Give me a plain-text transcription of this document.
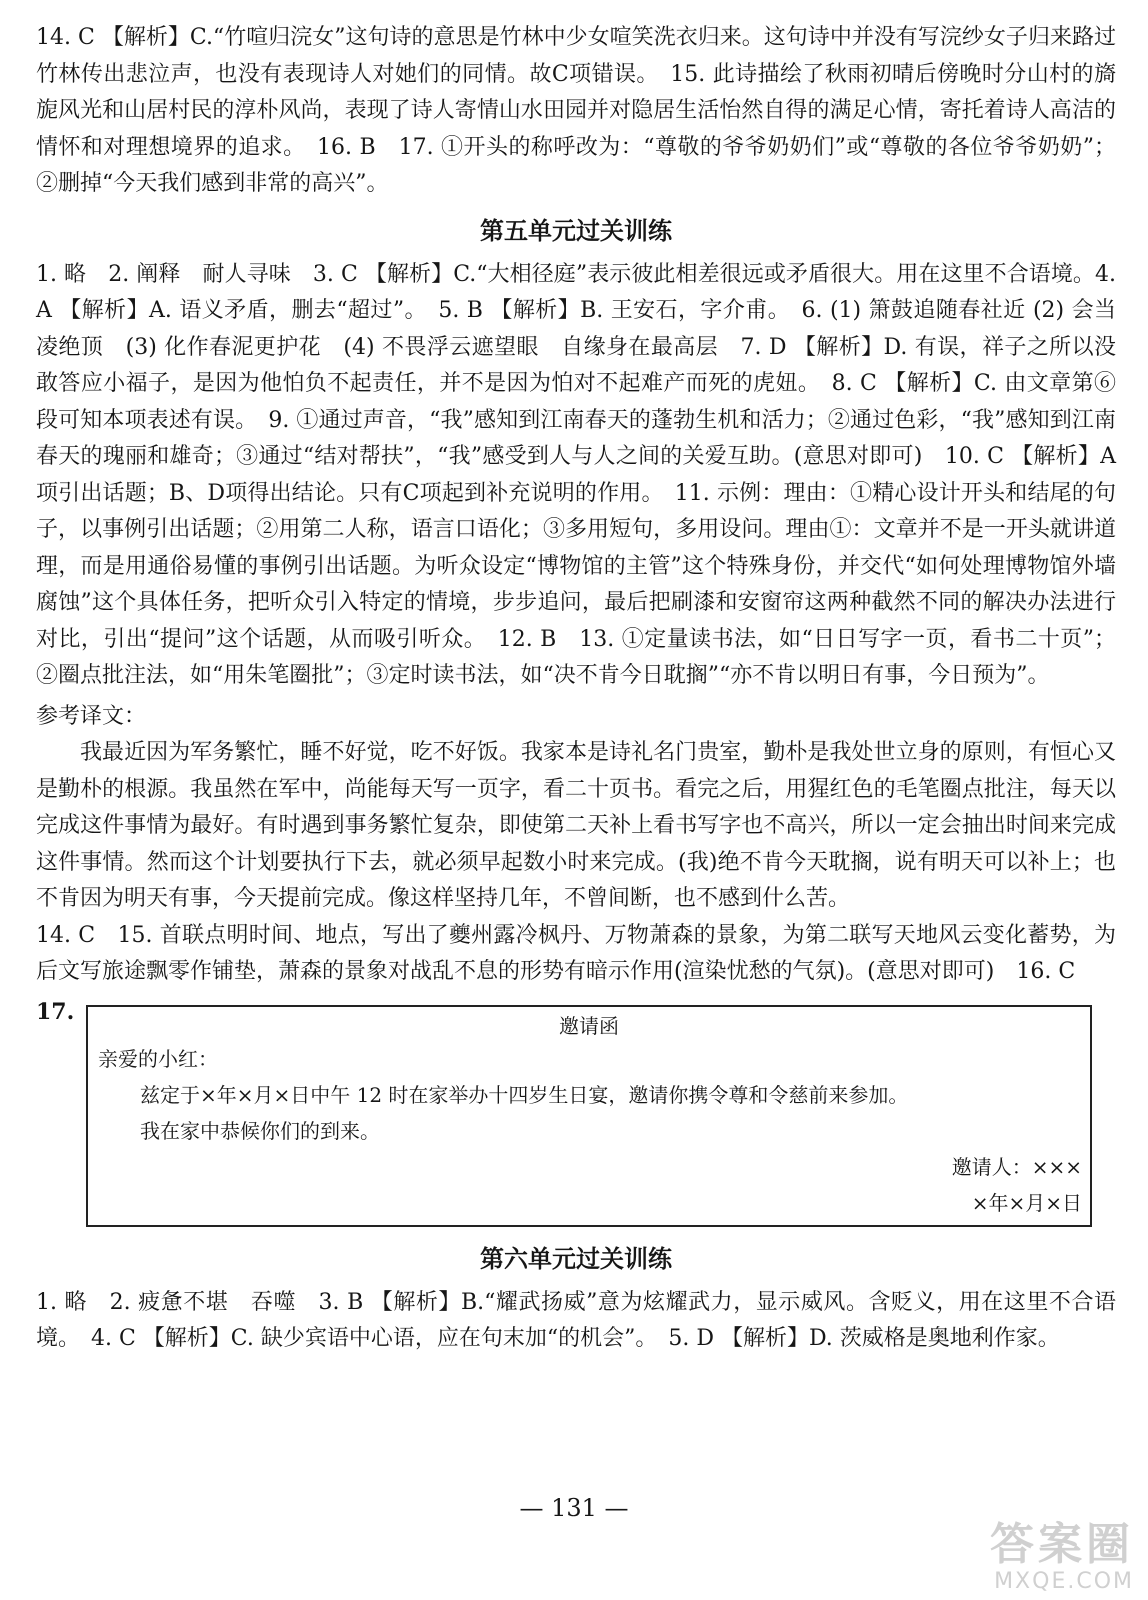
14. C 【解析】C.“竹喧归浣女”这句诗的意思是竹林中少女喧笑洗衣归来。这句诗中并没有写浣纱女子归来路过竹林传出悲泣声，也没有表现诗人对她们的同情。故C项错误。　15. 此诗描绘了秋雨初晴后傍晚时分山村的旖旎风光和山居村民的淳朴风尚，表现了诗人寄情山水田园并对隐居生活怡然自得的满足心情，寄托着诗人高洁的情怀和对理想境界的追求。　16. B　17. ①开头的称呼改为：“尊敬的爷爷奶奶们”或“尊敬的各位爷爷奶奶”；②删掉“今天我们感到非常的高兴”。

第五单元过关训练

1. 略　2. 阐释　耐人寻味　3. C 【解析】C.“大相径庭”表示彼此相差很远或矛盾很大。用在这里不合语境。4. A 【解析】A. 语义矛盾，删去“超过”。　5. B 【解析】B. 王安石，字介甫。　6. (1) 箫鼓追随春社近 (2) 会当凌绝顶　(3) 化作春泥更护花　(4) 不畏浮云遮望眼　自缘身在最高层　7. D 【解析】D. 有误，祥子之所以没敢答应小福子，是因为他怕负不起责任，并不是因为怕对不起难产而死的虎妞。　8. C 【解析】C. 由文章第⑥段可知本项表述有误。　9. ①通过声音，“我”感知到江南春天的蓬勃生机和活力；②通过色彩，“我”感知到江南春天的瑰丽和雄奇；③通过“结对帮扶”，“我”感受到人与人之间的关爱互助。(意思对即可)　10. C 【解析】A项引出话题；B、D项得出结论。只有C项起到补充说明的作用。　11. 示例：理由：①精心设计开头和结尾的句子，以事例引出话题；②用第二人称，语言口语化；③多用短句，多用设问。理由①：文章并不是一开头就讲道理，而是用通俗易懂的事例引出话题。为听众设定“博物馆的主管”这个特殊身份，并交代“如何处理博物馆外墙腐蚀”这个具体任务，把听众引入特定的情境，步步追问，最后把刷漆和安窗帘这两种截然不同的解决办法进行对比，引出“提问”这个话题，从而吸引听众。　12. B　13. ①定量读书法，如“日日写字一页，看书二十页”；②圈点批注法，如“用朱笔圈批”；③定时读书法，如“决不肯今日耽搁”“亦不肯以明日有事，今日预为”。

参考译文：

我最近因为军务繁忙，睡不好觉，吃不好饭。我家本是诗礼名门贵室，勤朴是我处世立身的原则，有恒心又是勤朴的根源。我虽然在军中，尚能每天写一页字，看二十页书。看完之后，用猩红色的毛笔圈点批注，每天以完成这件事情为最好。有时遇到事务繁忙复杂，即使第二天补上看书写字也不高兴，所以一定会抽出时间来完成这件事情。然而这个计划要执行下去，就必须早起数小时来完成。(我)绝不肯今天耽搁，说有明天可以补上；也不肯因为明天有事，今天提前完成。像这样坚持几年，不曾间断，也不感到什么苦。

14. C　15. 首联点明时间、地点，写出了夔州露冷枫丹、万物萧森的景象，为第二联写天地风云变化蓄势，为后文写旅途飘零作铺垫，萧森的景象对战乱不息的形势有暗示作用(渲染忧愁的气氛)。(意思对即可)　16. C

17.
邀请函
亲爱的小红：
兹定于×年×月×日中午 12 时在家举办十四岁生日宴，邀请你携令尊和令慈前来参加。
我在家中恭候你们的到来。
邀请人：×××
×年×月×日
第六单元过关训练

1. 略　2. 疲惫不堪　吞噬　3. B 【解析】B.“耀武扬威”意为炫耀武力，显示威风。含贬义，用在这里不合语境。　4. C 【解析】C. 缺少宾语中心语，应在句末加“的机会”。　5. D 【解析】D. 茨威格是奥地利作家。

— 131 —
答案圈
MXQE.COM
